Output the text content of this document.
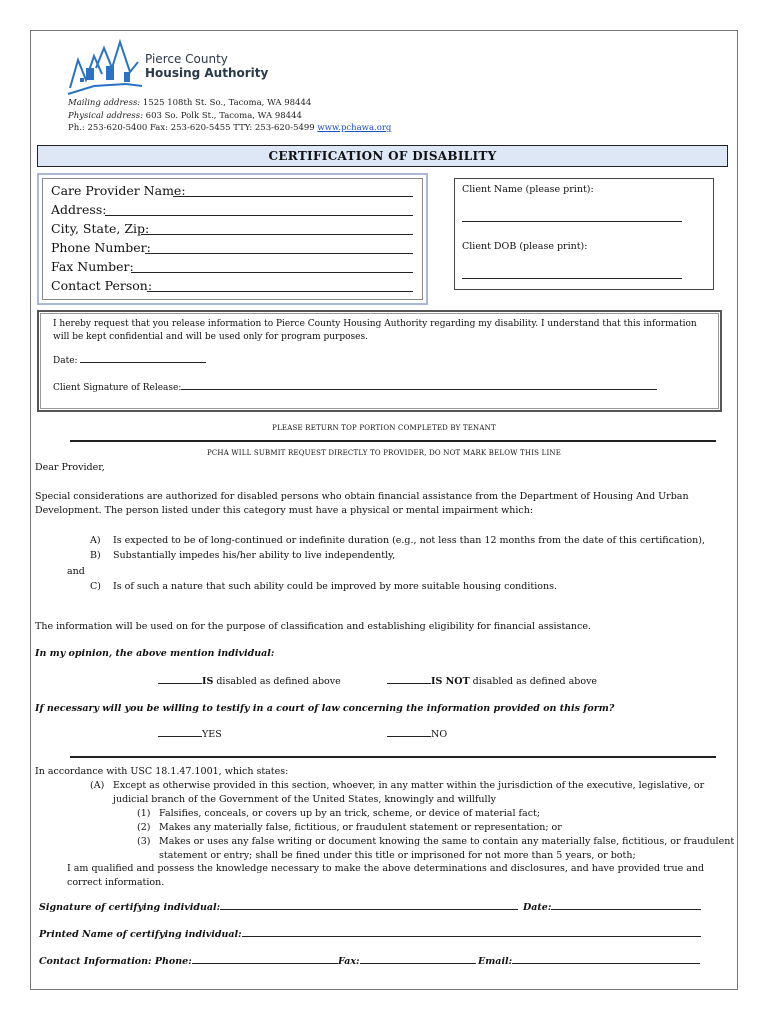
Pierce County
Housing Authority
Mailing address: 1525 108th St. So., Tacoma, WA 98444
Physical address: 603 So. Polk St., Tacoma, WA 98444
Ph.: 253-620-5400 Fax: 253-620-5455 TTY: 253-620-5499 www.pchawa.org
CERTIFICATION OF DISABILITY
Care Provider Name:
Address:
City, State, Zip:
Phone Number:
Fax Number:
Contact Person:
Client Name (please print):
Client DOB (please print):
I hereby request that you release information to Pierce County Housing Authority regarding my disability. I understand that this information will be kept confidential and will be used only for program purposes.
Date:
Client Signature of Release:
PLEASE RETURN TOP PORTION COMPLETED BY TENANT
PCHA WILL SUBMIT REQUEST DIRECTLY TO PROVIDER, DO NOT MARK BELOW THIS LINE
Dear Provider,
Special considerations are authorized for disabled persons who obtain financial assistance from the Department of Housing And Urban
Development. The person listed under this category must have a physical or mental impairment which:
A) Is expected to be of long-continued or indefinite duration (e.g., not less than 12 months from the date of this certification),
B) Substantially impedes his/her ability to live independently,
and
C) Is of such a nature that such ability could be improved by more suitable housing conditions.
The information will be used on for the purpose of classification and establishing eligibility for financial assistance.
In my opinion, the above mention individual:
IS disabled as defined above	IS NOT disabled as defined above
If necessary will you be willing to testify in a court of law concerning the information provided on this form?
YES	NO
In accordance with USC 18.1.47.1001, which states:
(A) Except as otherwise provided in this section, whoever, in any matter within the jurisdiction of the executive, legislative, or
judicial branch of the Government of the United States, knowingly and willfully
(1) Falsifies, conceals, or covers up by an trick, scheme, or device of material fact;
(2) Makes any materially false, fictitious, or fraudulent statement or representation; or
(3) Makes or uses any false writing or document knowing the same to contain any materially false, fictitious, or fraudulent
statement or entry; shall be fined under this title or imprisoned for not more than 5 years, or both;
I am qualified and possess the knowledge necessary to make the above determinations and disclosures, and have provided true and
correct information.
Signature of certifying individual:	Date:
Printed Name of certifying individual:
Contact Information: Phone:	Fax:	Email:
